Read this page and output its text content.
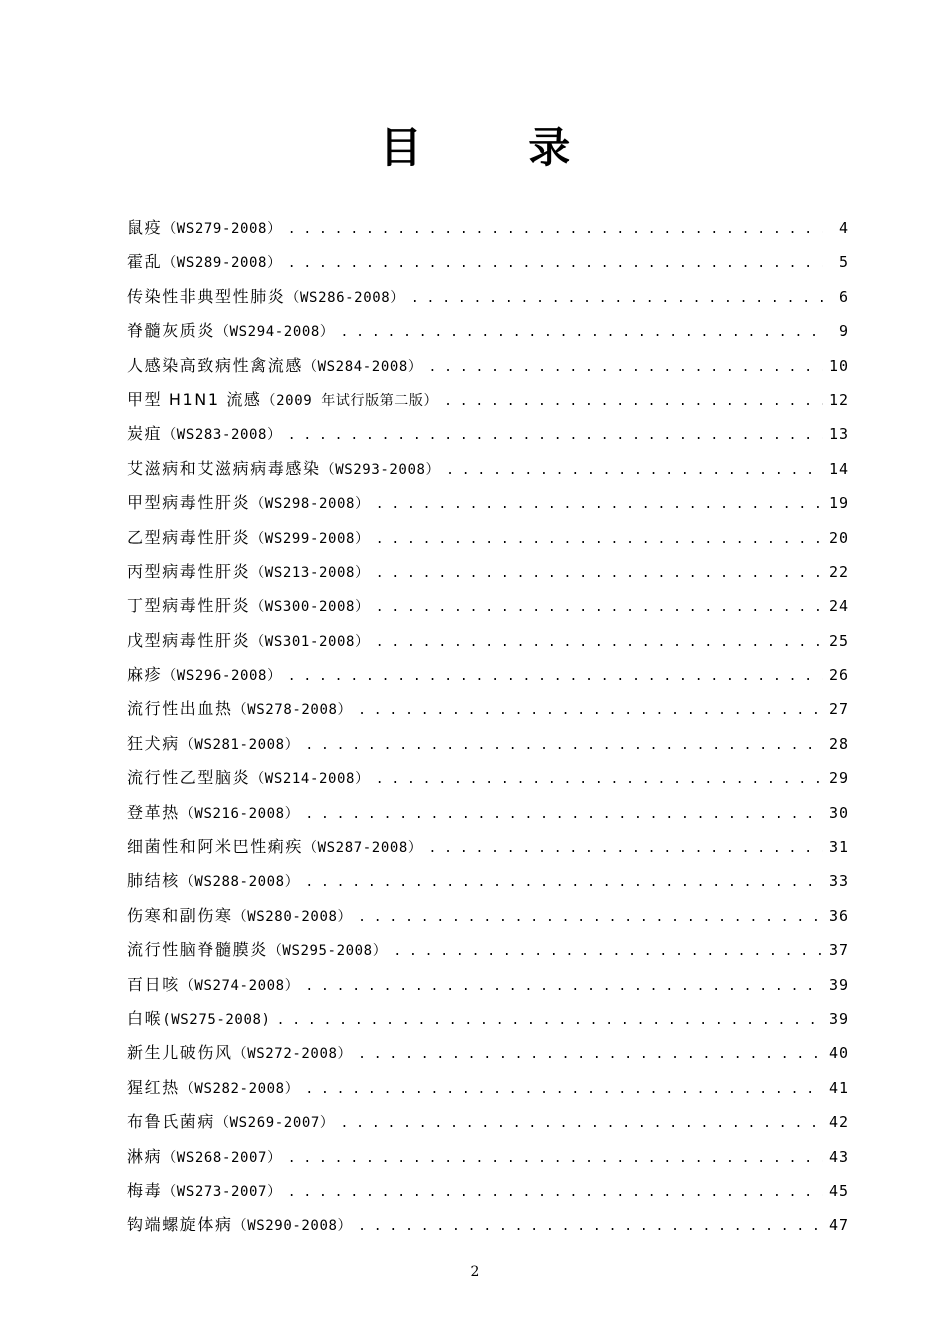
目 录
鼠疫（WS279-2008） . . .	4
霍乱（WS289-2008） . . .	5
传染性非典型性肺炎（WS286-2008） . . .	6
脊髓灰质炎（WS294-2008） . . .	9
人感染高致病性禽流感（WS284-2008） . . .	10
甲型 H1N1 流感（2009 年试行版第二版） . . .	12
炭疽（WS283-2008） . . .	13
艾滋病和艾滋病病毒感染（WS293-2008） . . .	14
甲型病毒性肝炎（WS298-2008） . . .	19
乙型病毒性肝炎（WS299-2008） . . .	20
丙型病毒性肝炎（WS213-2008） . . .	22
丁型病毒性肝炎（WS300-2008） . . .	24
戊型病毒性肝炎（WS301-2008） . . .	25
麻疹（WS296-2008） . . .	26
流行性出血热（WS278-2008） . . .	27
狂犬病（WS281-2008） . . .	28
流行性乙型脑炎（WS214-2008） . . .	29
登革热（WS216-2008） . . .	30
细菌性和阿米巴性痢疾（WS287-2008） . . .	31
肺结核（WS288-2008） . . .	33
伤寒和副伤寒（WS280-2008） . . .	36
流行性脑脊髓膜炎（WS295-2008） . . .	37
百日咳（WS274-2008） . . .	39
白喉(WS275-2008) . . .	39
新生儿破伤风（WS272-2008） . . .	40
猩红热（WS282-2008） . . .	41
布鲁氏菌病（WS269-2007） . . .	42
淋病（WS268-2007） . . .	43
梅毒（WS273-2007） . . .	45
钩端螺旋体病（WS290-2008） . . .	47
2
